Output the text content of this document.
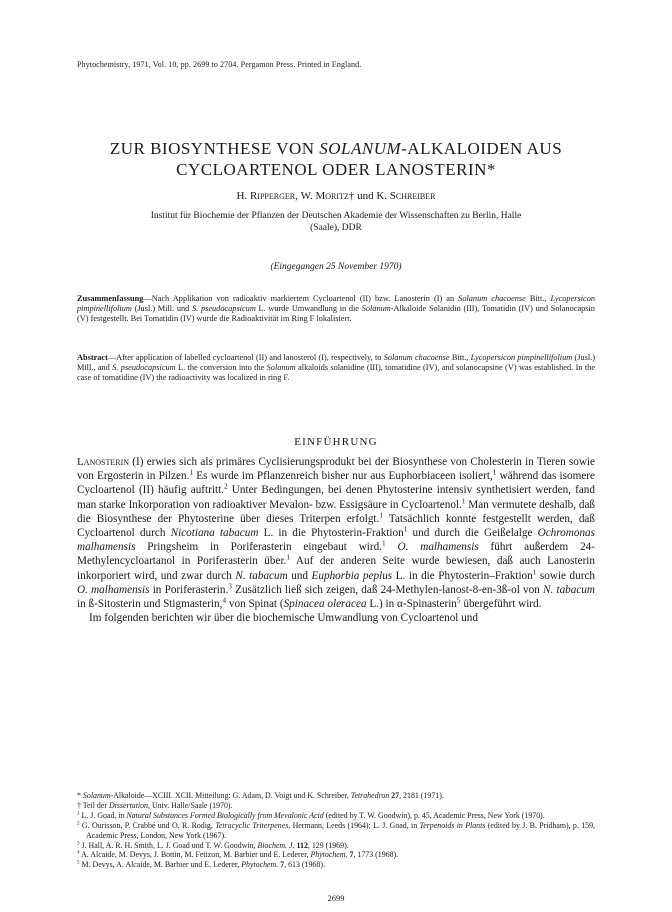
Phytochemistry, 1971, Vol. 10, pp. 2699 to 2704. Pergamon Press. Printed in England.
ZUR BIOSYNTHESE VON SOLANUM-ALKALOIDEN AUS
CYCLOARTENOL ODER LANOSTERIN*
H. Ripperger, W. Moritz† und K. Schreiber
Institut für Biochemie der Pflanzen der Deutschen Akademie der Wissenschaften zu Berlin, Halle
(Saale), DDR
(Eingegangen 25 November 1970)
Zusammenfassung—Nach Applikation von radioaktiv markiertem Cycloartenol (II) bzw. Lanosterin (I) an Solanum chacoense Bitt., Lycopersicon pimpinellifolium (Jusl.) Mill. und S. pseudocapsicum L. wurde Umwandlung in die Solanum-Alkaloide Solanidin (III), Tomatidin (IV) und Solanocapsin (V) festgestellt. Bei Tomatidin (IV) wurde die Radioaktivität im Ring F lokalisiert.
Abstract—After application of labelled cycloartenol (II) and lanosterol (I), respectively, to Solanum chacoense Bitt., Lycopersicon pimpinellifolium (Jusl.) Mill., and S. pseudocapsicum L. the conversion into the Solanum alkaloids solanidine (III), tomatidine (IV), and solanocapsine (V) was established. In the case of tomatidine (IV) the radioactivity was localized in ring F.
EINFÜHRUNG

Lanosterin (I) erwies sich als primäres Cyclisierungsprodukt bei der Biosynthese von Cholesterin in Tieren sowie von Ergosterin in Pilzen.$^1$ Es wurde im Pflanzenreich bisher nur aus Euphorbiaceen isoliert,$^1$ während das isomere Cycloartenol (II) häufig auftritt.$^2$ Unter Bedingungen, bei denen Phytosterine intensiv synthetisiert werden, fand man starke Inkorporation von radioaktiver Mevalon- bzw. Essigsäure in Cycloartenol.$^1$ Man vermutete deshalb, daß die Biosynthese der Phytosterine über dieses Triterpen erfolgt.$^1$ Tatsächlich konnte festgestellt werden, daß Cycloartenol durch Nicotiana tabacum L. in die Phytosterin-Fraktion$^1$ und durch die Geißelalge Ochromonas malhamensis Pringsheim in Poriferasterin eingebaut wird.$^1$ O. malhamensis führt außerdem 24-Methylencycloartanol in Poriferasterin über.$^1$ Auf der anderen Seite wurde bewiesen, daß auch Lanosterin inkorporiert wird, und zwar durch N. tabacum und Euphorbia peplus L. in die Phytosterin–Fraktion$^1$ sowie durch O. malhamensis in Poriferasterin.$^3$ Zusätzlich ließ sich zeigen, daß 24-Methylen-lanost-8-en-3ß-ol von N. tabacum in ß-Sitosterin und Stigmasterin,$^4$ von Spinat (Spinacea oleracea L.) in α-Spinasterin$^5$ übergeführt wird.

Im folgenden berichten wir über die biochemische Umwandlung von Cycloartenol und

* Solanum-Alkaloide—XCIII. XCII. Mitteilung: G. Adam, D. Voigt und K. Schreiber, Tetrahedron 27, 2181 (1971).
† Teil der Dissertation, Univ. Halle/Saale (1970).
$^1$ L. J. Goad, in Natural Substances Formed Biologically from Mevalonic Acid (edited by T. W. Goodwin), p. 45, Academic Press, New York (1970).
$^2$ G. Ourisson, P. Crabbé und O. R. Rodig, Tetracyclic Triterpenes, Hermann, Leeds (1964); L. J. Goad, in Terpenoids in Plants (edited by J. B. Pridham), p. 159, Academic Press, London, New York (1967).
$^3$ J. Hall, A. R. H. Smith, L. J. Goad und T. W. Goodwin, Biochem. J. 112, 129 (1969).
$^4$ A. Alcaide, M. Devys, J. Bottin, M. Fetizon, M. Barbier und E. Lederer, Phytochem. 7, 1773 (1968).
$^5$ M. Devys, A. Alcaide, M. Barbier und E. Lederer, Phytochem. 7, 613 (1968).
2699
